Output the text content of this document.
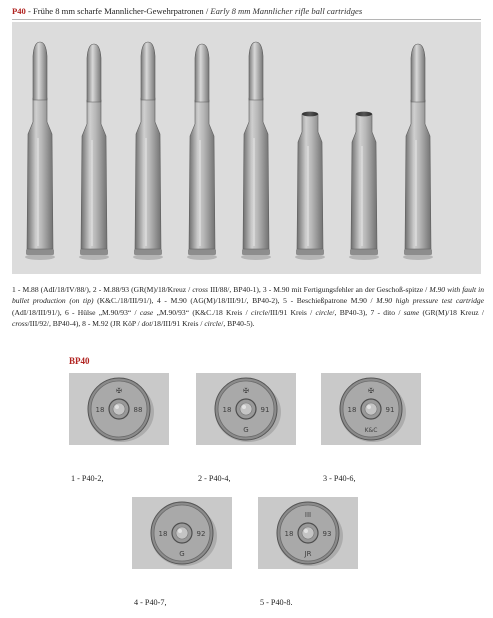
P40 - Frühe 8 mm scharfe Mannlicher-Gewehrpatronen / Early 8 mm Mannlicher rifle ball cartridges
1 - M.88 (AdI/18/IV/88/), 2 - M.88/93 (GR(M)/18/Kreuz / cross III/88/, BP40-1), 3 - M.90 mit Fertigungsfehler an der Geschoß-spitze / M.90 with fault in bullet production (on tip) (K&C./18/III/91/), 4 - M.90 (AG(M)/18/III/91/, BP40-2), 5 - Beschießpatrone M.90 / M.90 high pressure test cartridge (AdI/18/III/91/), 6 - Hülse „M.90/93“ / case „M.90/93“ (K&C./18 Kreis / circle/III/91 Kreis / circle/, BP40-3), 7 - dito / same (GR(M)/18 Kreuz / cross/III/92/, BP40-4), 8 - M.92 (JR KöP / dot/18/III/91 Kreis / circle/, BP40-5).
BP40
✠
18	88
1 - P40-2,
✠
18	91
G
2 - P40-4,
✠
18	91
K&C
3 - P40-6,
18	92
G
4 - P40-7,
III
18	93
JR
5 - P40-8.
